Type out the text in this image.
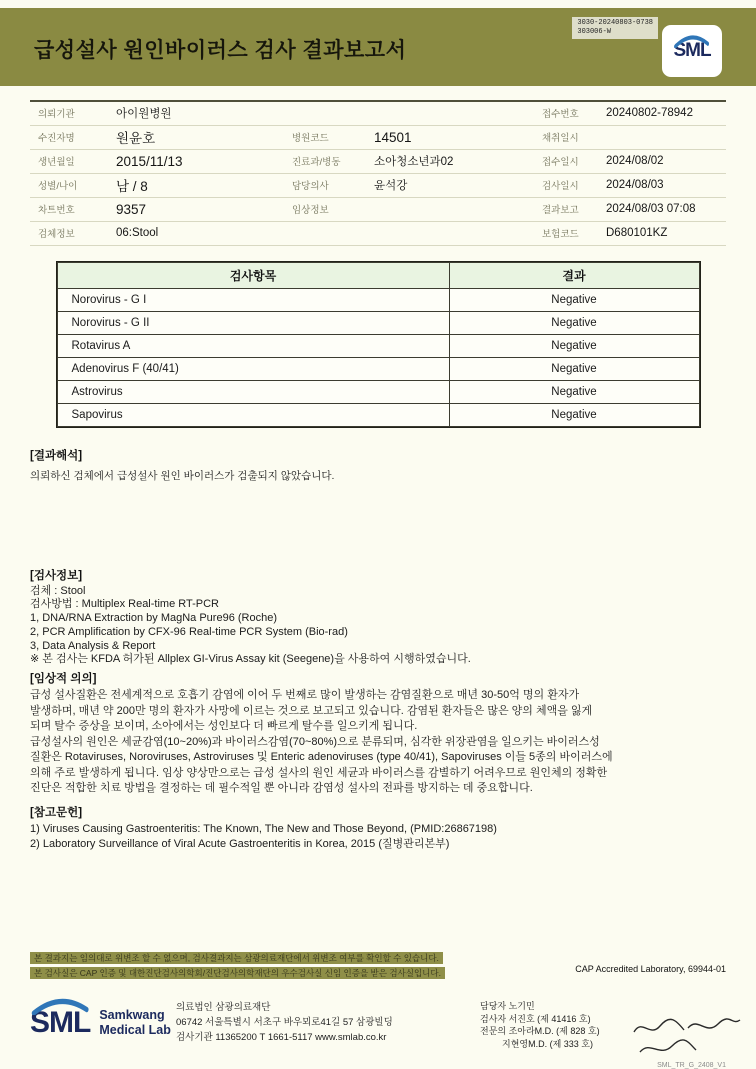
급성설사 원인바이러스 검사 결과보고서
3030-20240803-0738
303006-W
SML
의뢰기관	아이원병원			접수번호	20240802-78942
수진자명	원윤호	병원코드	14501	채취일시	
생년월일	2015/11/13	진료과/병동	소아청소년과02	접수일시	2024/08/02
성별/나이	남 / 8	담당의사	윤석강	검사일시	2024/08/03
차트번호	9357	임상정보		결과보고	2024/08/03 07:08
검체정보	06:Stool			보험코드	D680101KZ
검사항목	결과
Norovirus - G I	Negative
Norovirus - G II	Negative
Rotavirus A	Negative
Adenovirus F (40/41)	Negative
Astrovirus	Negative
Sapovirus	Negative
[결과해석]
의뢰하신 검체에서 급성설사 원인 바이러스가 검출되지 않았습니다.
[검사정보]
검체 : Stool
검사방법 : Multiplex Real-time RT-PCR
1, DNA/RNA Extraction by MagNa Pure96 (Roche)
2, PCR Amplification by CFX-96 Real-time PCR System (Bio-rad)
3, Data Analysis & Report
※ 본 검사는 KFDA 허가된 Allplex GI-Virus Assay kit (Seegene)을 사용하여 시행하였습니다.
[임상적 의의]
급성 설사질환은 전세계적으로 호흡기 감염에 이어 두 번째로 많이 발생하는 감염질환으로 매년 30-50억 명의 환자가
발생하며, 매년 약 200만 명의 환자가 사망에 이르는 것으로 보고되고 있습니다. 감염된 환자들은 많은 양의 체액을 잃게
되며 탈수 증상을 보이며, 소아에서는 성인보다 더 빠르게 탈수를 일으키게 됩니다.
급성설사의 원인은 세균감염(10~20%)과 바이러스감염(70~80%)으로 분류되며, 심각한 위장관염을 일으키는 바이러스성
질환은 Rotaviruses, Noroviruses, Astroviruses 및 Enteric adenoviruses (type 40/41), Sapoviruses 이들 5종의 바이러스에
의해 주로 발생하게 됩니다. 임상 양상만으로는 급성 설사의 원인 세균과 바이러스를 감별하기 어려우므로 원인체의 정확한
진단은 적합한 치료 방법을 결정하는 데 필수적일 뿐 아니라 감염성 설사의 전파를 방지하는 데 중요합니다.
[참고문헌]
1) Viruses Causing Gastroenteritis: The Known, The New and Those Beyond, (PMID:26867198)
2) Laboratory Surveillance of Viral Acute Gastroenteritis in Korea, 2015 (질병관리본부)
본 결과지는 임의대로 위변조 할 수 없으며, 검사결과지는 삼광의료재단에서 위변조 여부를 확인할 수 있습니다.
본 검사실은 CAP 인증 및 대한진단검사의학회/진단검사의학재단의 우수검사실 신임 인증을 받은 검사실입니다.	CAP Accredited Laboratory, 69944-01
SML Samkwang
Medical Lab
의료법인 삼광의료재단
06742 서울특별시 서초구 바우뫼로41길 57 삼광빌딩
검사기관 11365200 T 1661-5117 www.smlab.co.kr
담당자 노기민
검사자 서진호 (제 41416 호)
전문의 조아라M.D. (제 828 호)
지현영M.D. (제 333 호)
SML_TR_G_2408_V1
